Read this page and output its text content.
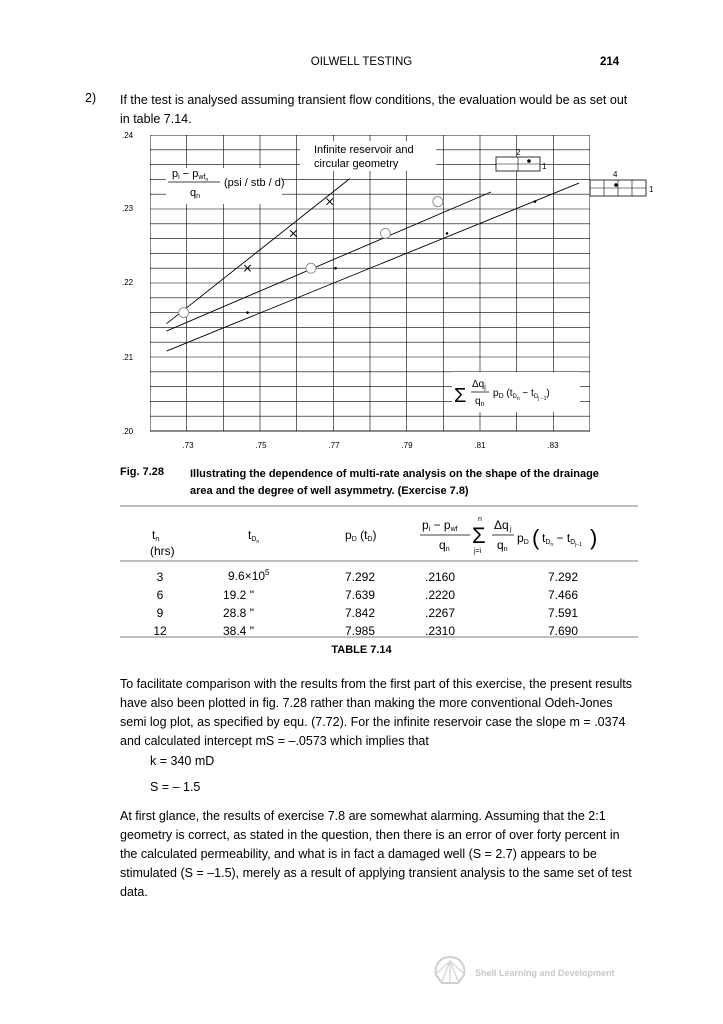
OILWELL TESTING	214
2) If the test is analysed assuming transient flow conditions, the evaluation would be as set out in table 7.14.
.24
.23
.22
.21
.20
Infinite reservoir and
circular geometry
pi − pwfn
qn
(psi / stb / d)
2
1
4
1
Σ
$\Delta q_j$
$q_n$
$p_D$ $(t_{Dn} - t_{Dj -1})$
.73	.75	.77	.79	.81	.83
Fig. 7.28 Illustrating the dependence of multi-rate analysis on the shape of the drainage area and the degree of well asymmetry. (Exercise 7.8)
tn
(hrs)
tDn	pD (tD)
pi − pwf
qn
n
Σ
j=i
Δq j
qn
pD ( tDn − tDj−1 )
3	$9.6\times 10^5$	7.292	.2160	7.292
6	19.2 "	7.639	.2220	7.466
9	28.8 "	7.842	.2267	7.591
12	38.4 "	7.985	.2310	7.690
TABLE 7.14
To facilitate comparison with the results from the first part of this exercise, the present results have also been plotted in fig. 7.28 rather than making the more conventional Odeh-Jones semi log plot, as specified by equ. (7.72). For the infinite reservoir case the slope m = .0374 and calculated intercept mS = –.0573 which implies that
k = 340 mD
S = – 1.5
At first glance, the results of exercise 7.8 are somewhat alarming. Assuming that the 2:1 geometry is correct, as stated in the question, then there is an error of over forty percent in the calculated permeability, and what is in fact a damaged well (S = 2.7) appears to be stimulated (S = –1.5), merely as a result of applying transient analysis to the same set of test data.
Shell Learning and Development
